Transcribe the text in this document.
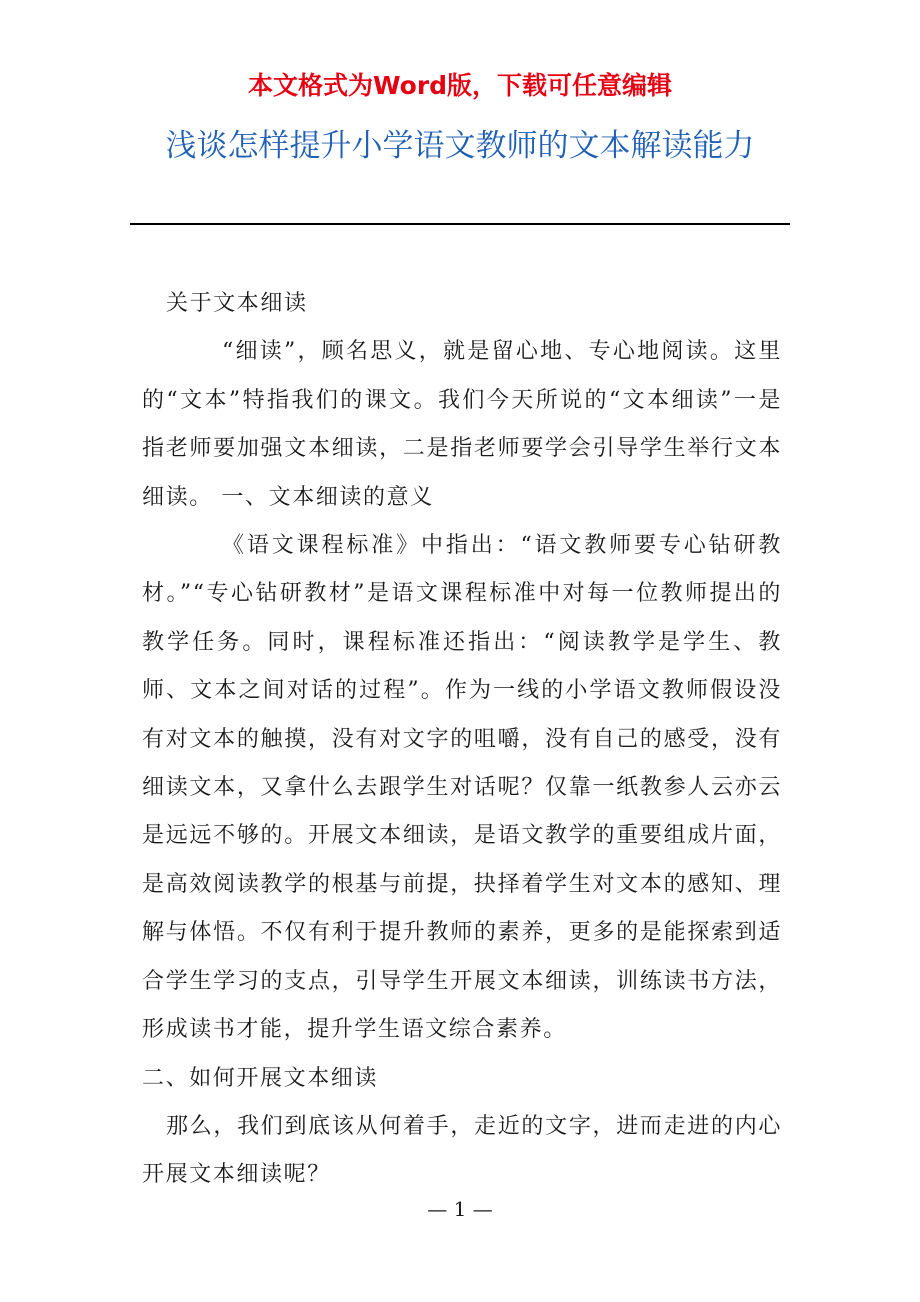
本文格式为Word版，下载可任意编辑
浅谈怎样提升小学语文教师的文本解读能力

关于文本细读

“细读”，顾名思义，就是留心地、专心地阅读。这里的“文本”特指我们的课文。我们今天所说的“文本细读”一是指老师要加强文本细读，二是指老师要学会引导学生举行文本细读。 一、文本细读的意义

《语文课程标准》中指出：“语文教师要专心钻研教材。”“专心钻研教材”是语文课程标准中对每一位教师提出的教学任务。同时，课程标准还指出：“阅读教学是学生、教师、文本之间对话的过程”。作为一线的小学语文教师假设没有对文本的触摸，没有对文字的咀嚼，没有自己的感受，没有细读文本，又拿什么去跟学生对话呢？仅靠一纸教参人云亦云是远远不够的。开展文本细读，是语文教学的重要组成片面，是高效阅读教学的根基与前提，抉择着学生对文本的感知、理解与体悟。不仅有利于提升教师的素养，更多的是能探索到适合学生学习的支点，引导学生开展文本细读，训练读书方法，形成读书才能，提升学生语文综合素养。

二、如何开展文本细读

那么，我们到底该从何着手，走近的文字，进而走进的内心开展文本细读呢？

— 1 —
